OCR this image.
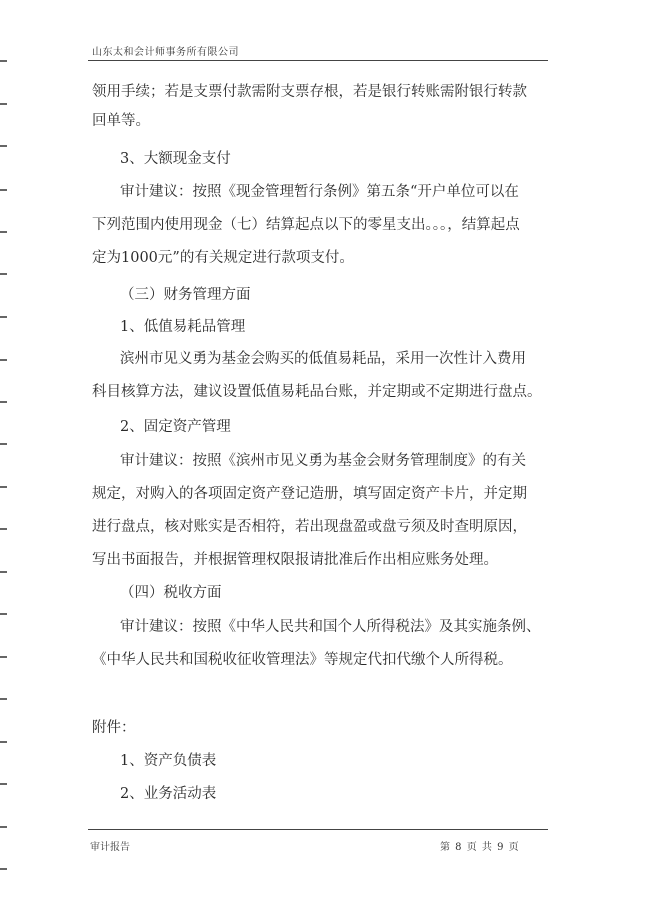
山东太和会计师事务所有限公司
领用手续；若是支票付款需附支票存根，若是银行转账需附银行转款
回单等。
3、大额现金支付
审计建议：按照《现金管理暂行条例》第五条“开户单位可以在
下列范围内使用现金（七）结算起点以下的零星支出。。。，结算起点
定为1000元”的有关规定进行款项支付。
（三）财务管理方面
1、低值易耗品管理
滨州市见义勇为基金会购买的低值易耗品，采用一次性计入费用
科目核算方法，建议设置低值易耗品台账，并定期或不定期进行盘点。
2、固定资产管理
审计建议：按照《滨州市见义勇为基金会财务管理制度》的有关
规定，对购入的各项固定资产登记造册，填写固定资产卡片，并定期
进行盘点，核对账实是否相符，若出现盘盈或盘亏须及时查明原因，
写出书面报告，并根据管理权限报请批准后作出相应账务处理。
（四）税收方面
审计建议：按照《中华人民共和国个人所得税法》及其实施条例、
《中华人民共和国税收征收管理法》等规定代扣代缴个人所得税。
附件：
1、资产负债表
2、业务活动表
审计报告	第 8 页 共 9 页
